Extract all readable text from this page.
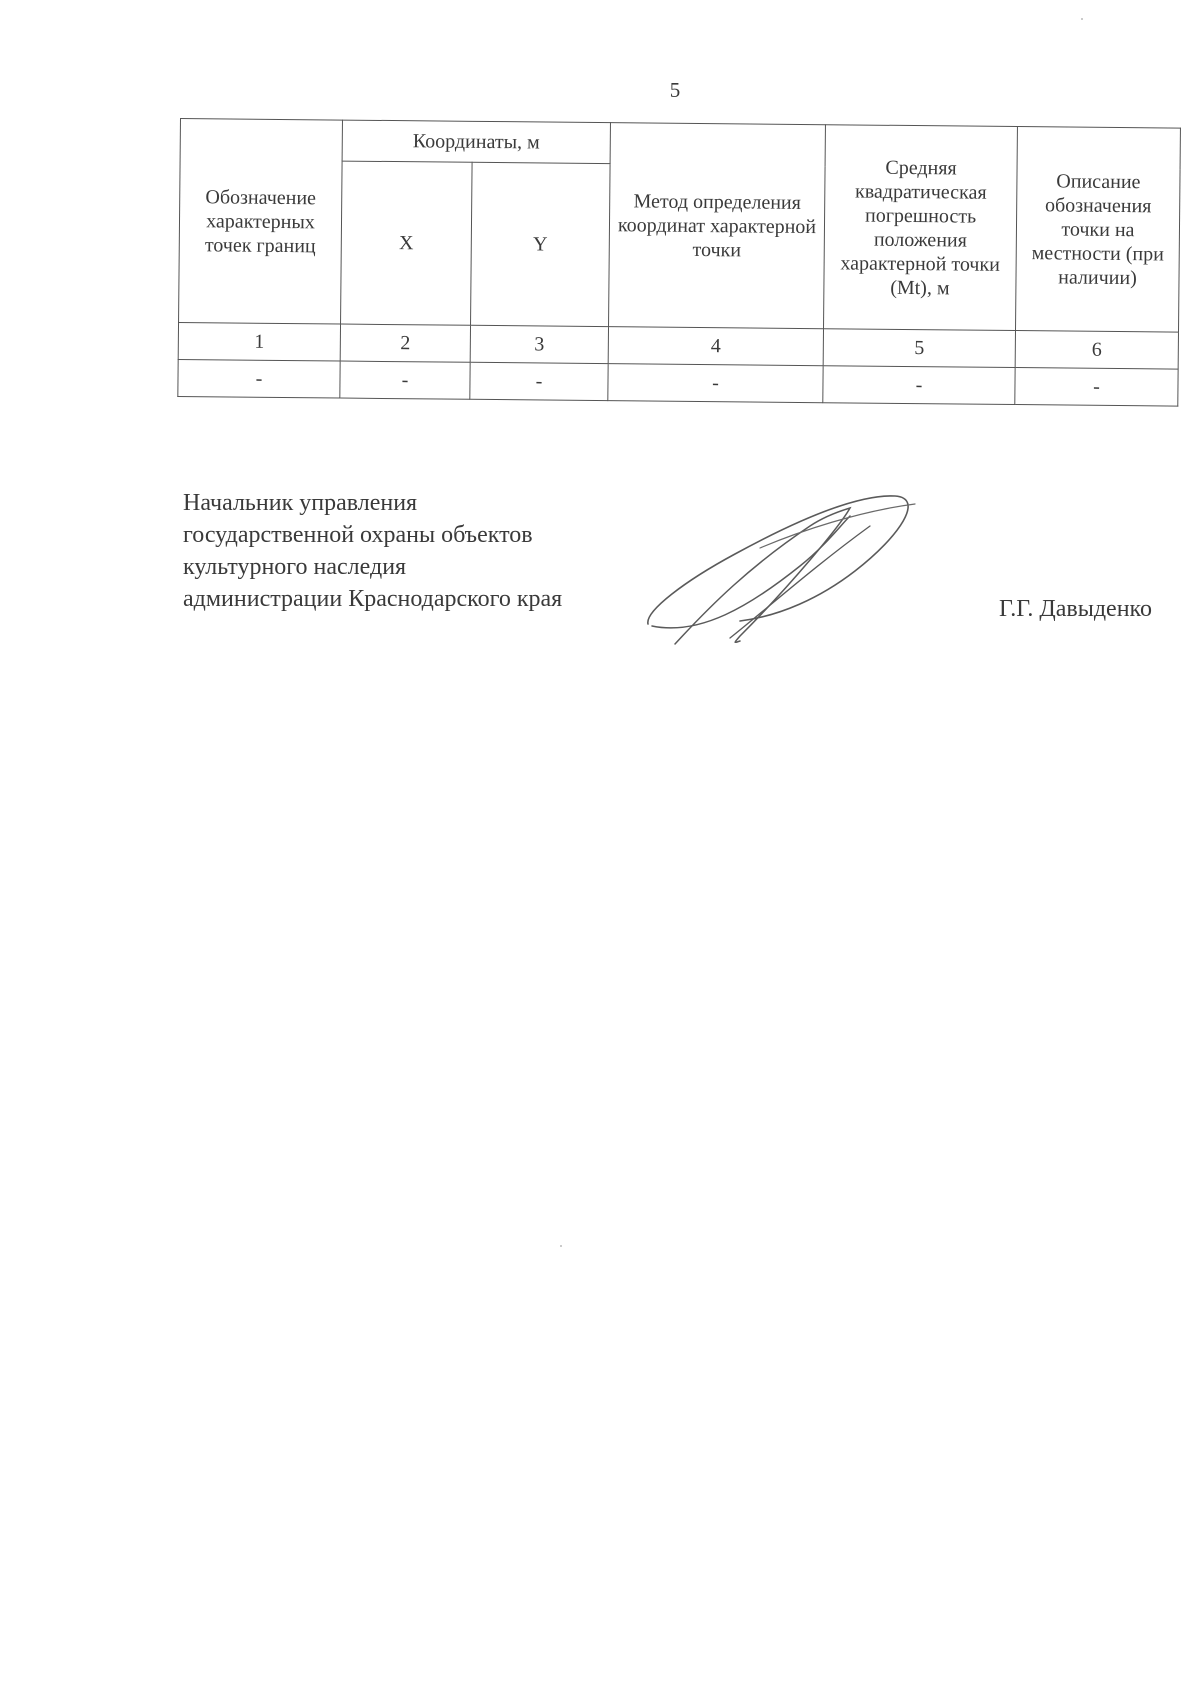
5
Обозначение характерных точек границ	Координаты, м		Метод определения координат характерной точки	Средняя квадратическая погрешность положения характерной точки (Mt), м	Описание обозначения точки на местности (при наличии)
	X	Y			
1	2	3	4	5	6
-	-	-	-	-	-
Начальник управления
государственной охраны объектов
культурного наследия
администрации Краснодарского края	Г.Г. Давыденко
